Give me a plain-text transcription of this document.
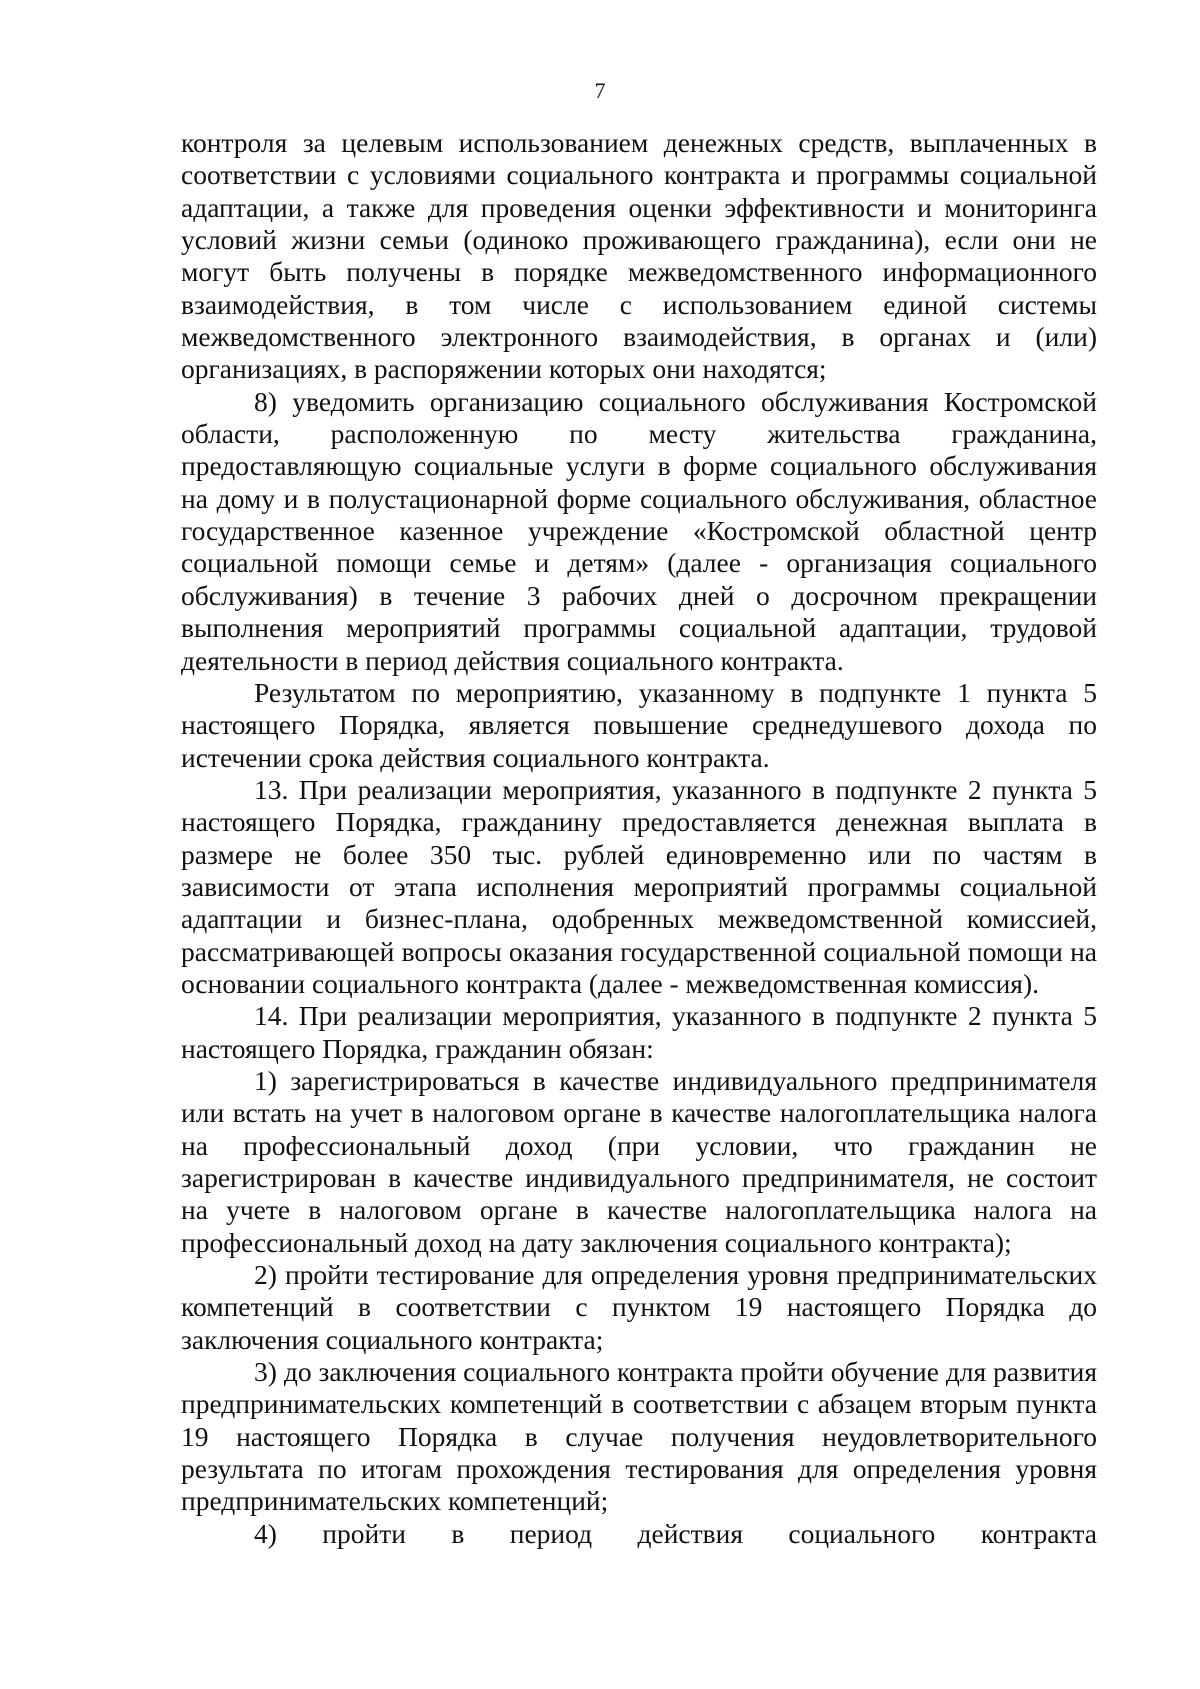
7

контроля за целевым использованием денежных средств, выплаченных в соответствии с условиями социального контракта и программы социальной адаптации, а также для проведения оценки эффективности и мониторинга условий жизни семьи (одиноко проживающего гражданина), если они не могут быть получены в порядке межведомственного информационного взаимодействия, в том числе с использованием единой системы межведомственного электронного взаимодействия, в органах и (или) организациях, в распоряжении которых они находятся;

8) уведомить организацию социального обслуживания Костромской области, расположенную по месту жительства гражданина, предоставляющую социальные услуги в форме социального обслуживания на дому и в полустационарной форме социального обслуживания, областное государственное казенное учреждение «Костромской областной центр социальной помощи семье и детям» (далее - организация социального обслуживания) в течение 3 рабочих дней о досрочном прекращении выполнения мероприятий программы социальной адаптации, трудовой деятельности в период действия социального контракта.

Результатом по мероприятию, указанному в подпункте 1 пункта 5 настоящего Порядка, является повышение среднедушевого дохода по истечении срока действия социального контракта.

13. При реализации мероприятия, указанного в подпункте 2 пункта 5 настоящего Порядка, гражданину предоставляется денежная выплата в размере не более 350 тыс. рублей единовременно или по частям в зависимости от этапа исполнения мероприятий программы социальной адаптации и бизнес-плана, одобренных межведомственной комиссией, рассматривающей вопросы оказания государственной социальной помощи на основании социального контракта (далее - межведомственная комиссия).

14. При реализации мероприятия, указанного в подпункте 2 пункта 5 настоящего Порядка, гражданин обязан:

1) зарегистрироваться в качестве индивидуального предпринимателя или встать на учет в налоговом органе в качестве налогоплательщика налога на профессиональный доход (при условии, что гражданин не зарегистрирован в качестве индивидуального предпринимателя, не состоит на учете в налоговом органе в качестве налогоплательщика налога на профессиональный доход на дату заключения социального контракта);

2) пройти тестирование для определения уровня предпринимательских компетенций в соответствии с пунктом 19 настоящего Порядка до заключения социального контракта;

3) до заключения социального контракта пройти обучение для развития предпринимательских компетенций в соответствии с абзацем вторым пункта 19 настоящего Порядка в случае получения неудовлетворительного результата по итогам прохождения тестирования для определения уровня предпринимательских компетенций;

4) пройти в период действия социального контракта
